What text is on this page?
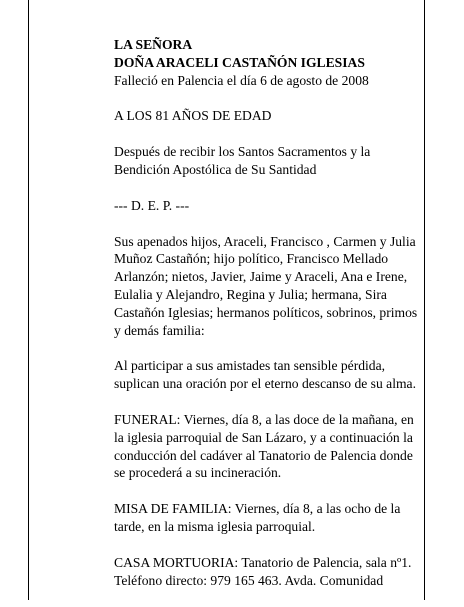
LA SEÑORA
DOÑA ARACELI CASTAÑÓN IGLESIAS
Falleció en Palencia el día 6 de agosto de 2008

A LOS 81 AÑOS DE EDAD

Después de recibir los Santos Sacramentos y la
Bendición Apostólica de Su Santidad

--- D. E. P. ---

Sus apenados hijos, Araceli, Francisco , Carmen y Julia
Muñoz Castañón; hijo político, Francisco Mellado
Arlanzón; nietos, Javier, Jaime y Araceli, Ana e Irene,
Eulalia y Alejandro, Regina y Julia; hermana, Sira
Castañón Iglesias; hermanos políticos, sobrinos, primos
y demás familia:

Al participar a sus amistades tan sensible pérdida,
suplican una oración por el eterno descanso de su alma.

FUNERAL: Viernes, día 8, a las doce de la mañana, en
la iglesia parroquial de San Lázaro, y a continuación la
conducción del cadáver al Tanatorio de Palencia donde
se procederá a su incineración.

MISA DE FAMILIA: Viernes, día 8, a las ocho de la
tarde, en la misma iglesia parroquial.

CASA MORTUORIA: Tanatorio de Palencia, sala nº1.
Teléfono directo: 979 165 463. Avda. Comunidad
